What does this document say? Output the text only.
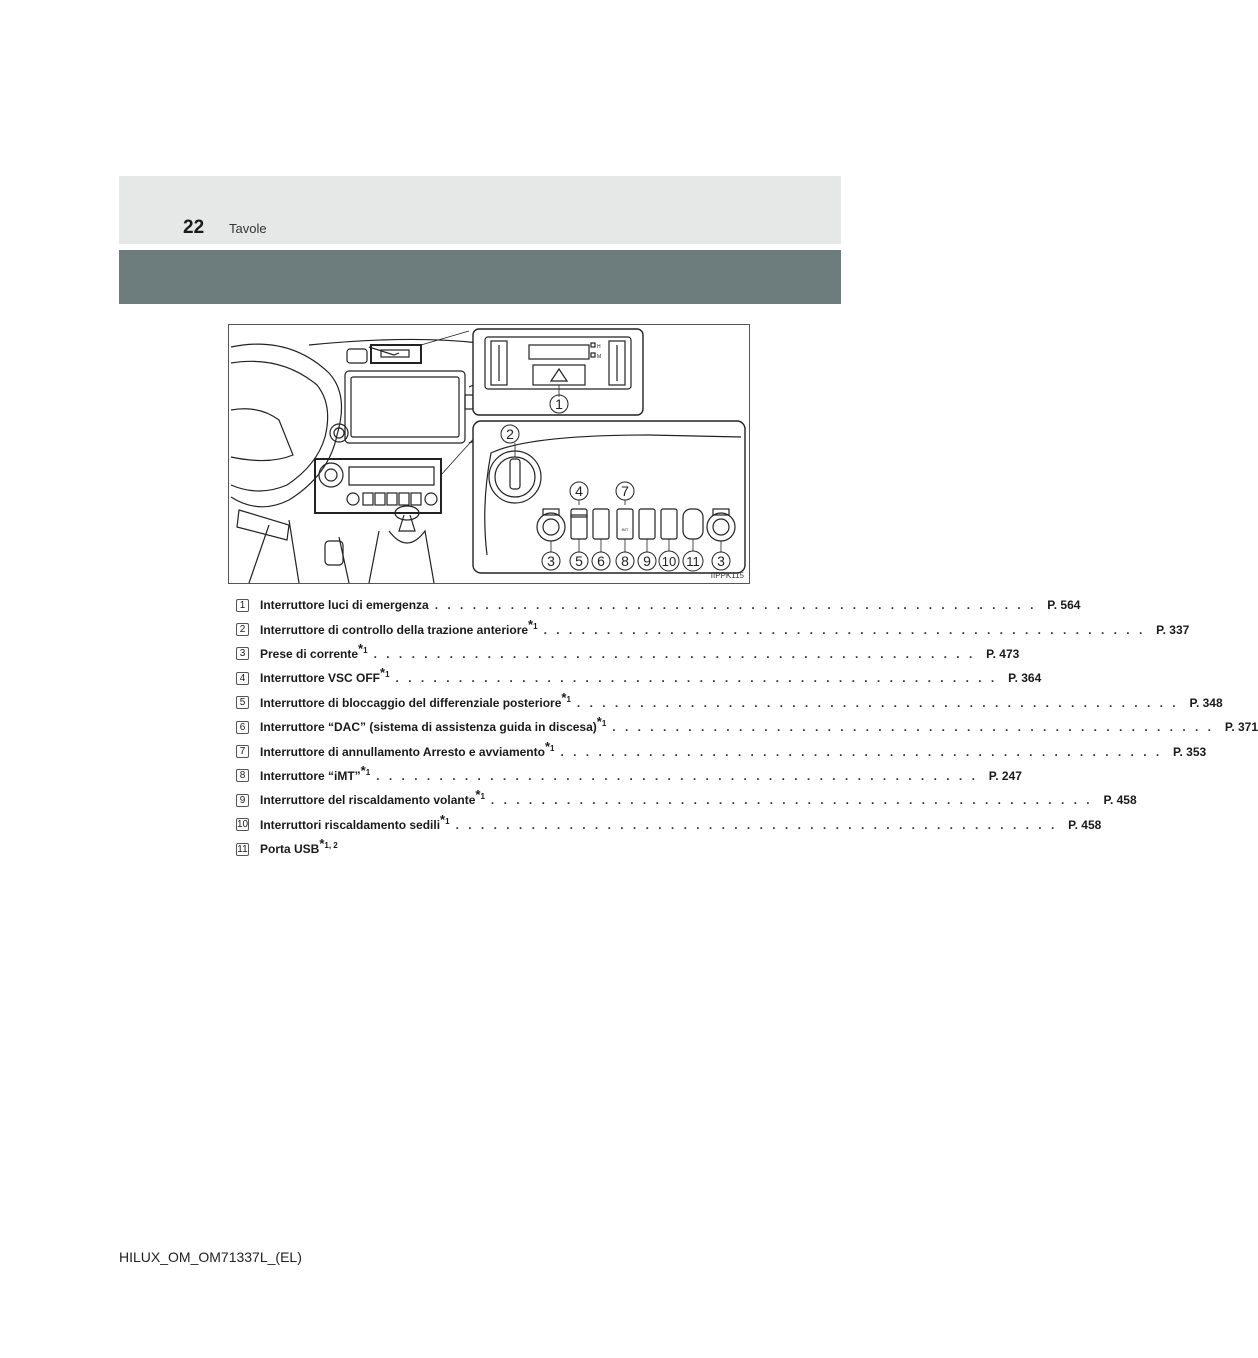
22 Tavole
H
M
1
2
iMT
4	7
3 5 6 8 9 10 11 3
IIPPK115
1	Interruttore luci di emergenza . . . . . . . . . . . . . . . . . . . . . . . . . . . . . . . . . . . . . . . . . . . . . . . . P. 564
2	Interruttore di controllo della trazione anteriore$^{*1}$ . . . . . . . . . . . . . . . . . . . . . . . . . . . . . . . . . . . . . . . . . . . . . . . . P. 337
3	Prese di corrente$^{*1}$ . . . . . . . . . . . . . . . . . . . . . . . . . . . . . . . . . . . . . . . . . . . . . . . . P. 473
4	Interruttore VSC OFF$^{*1}$ . . . . . . . . . . . . . . . . . . . . . . . . . . . . . . . . . . . . . . . . . . . . . . . . P. 364
5	Interruttore di bloccaggio del differenziale posteriore$^{*1}$ . . . . . . . . . . . . . . . . . . . . . . . . . . . . . . . . . . . . . . . . . . . . . . . . P. 348
6	Interruttore “DAC” (sistema di assistenza guida in discesa)$^{*1}$ . . . . . . . . . . . . . . . . . . . . . . . . . . . . . . . . . . . . . . . . . . . . . . . . P. 371
7	Interruttore di annullamento Arresto e avviamento$^{*1}$ . . . . . . . . . . . . . . . . . . . . . . . . . . . . . . . . . . . . . . . . . . . . . . . . P. 353
8	Interruttore “iMT”$^{*1}$ . . . . . . . . . . . . . . . . . . . . . . . . . . . . . . . . . . . . . . . . . . . . . . . . P. 247
9	Interruttore del riscaldamento volante$^{*1}$ . . . . . . . . . . . . . . . . . . . . . . . . . . . . . . . . . . . . . . . . . . . . . . . . P. 458
10 Interruttori riscaldamento sedili$^{*1}$ . . . . . . . . . . . . . . . . . . . . . . . . . . . . . . . . . . . . . . . . . . . . . . . . P. 458
11 Porta USB$^{*1, 2}$
HILUX_OM_OM71337L_(EL)
